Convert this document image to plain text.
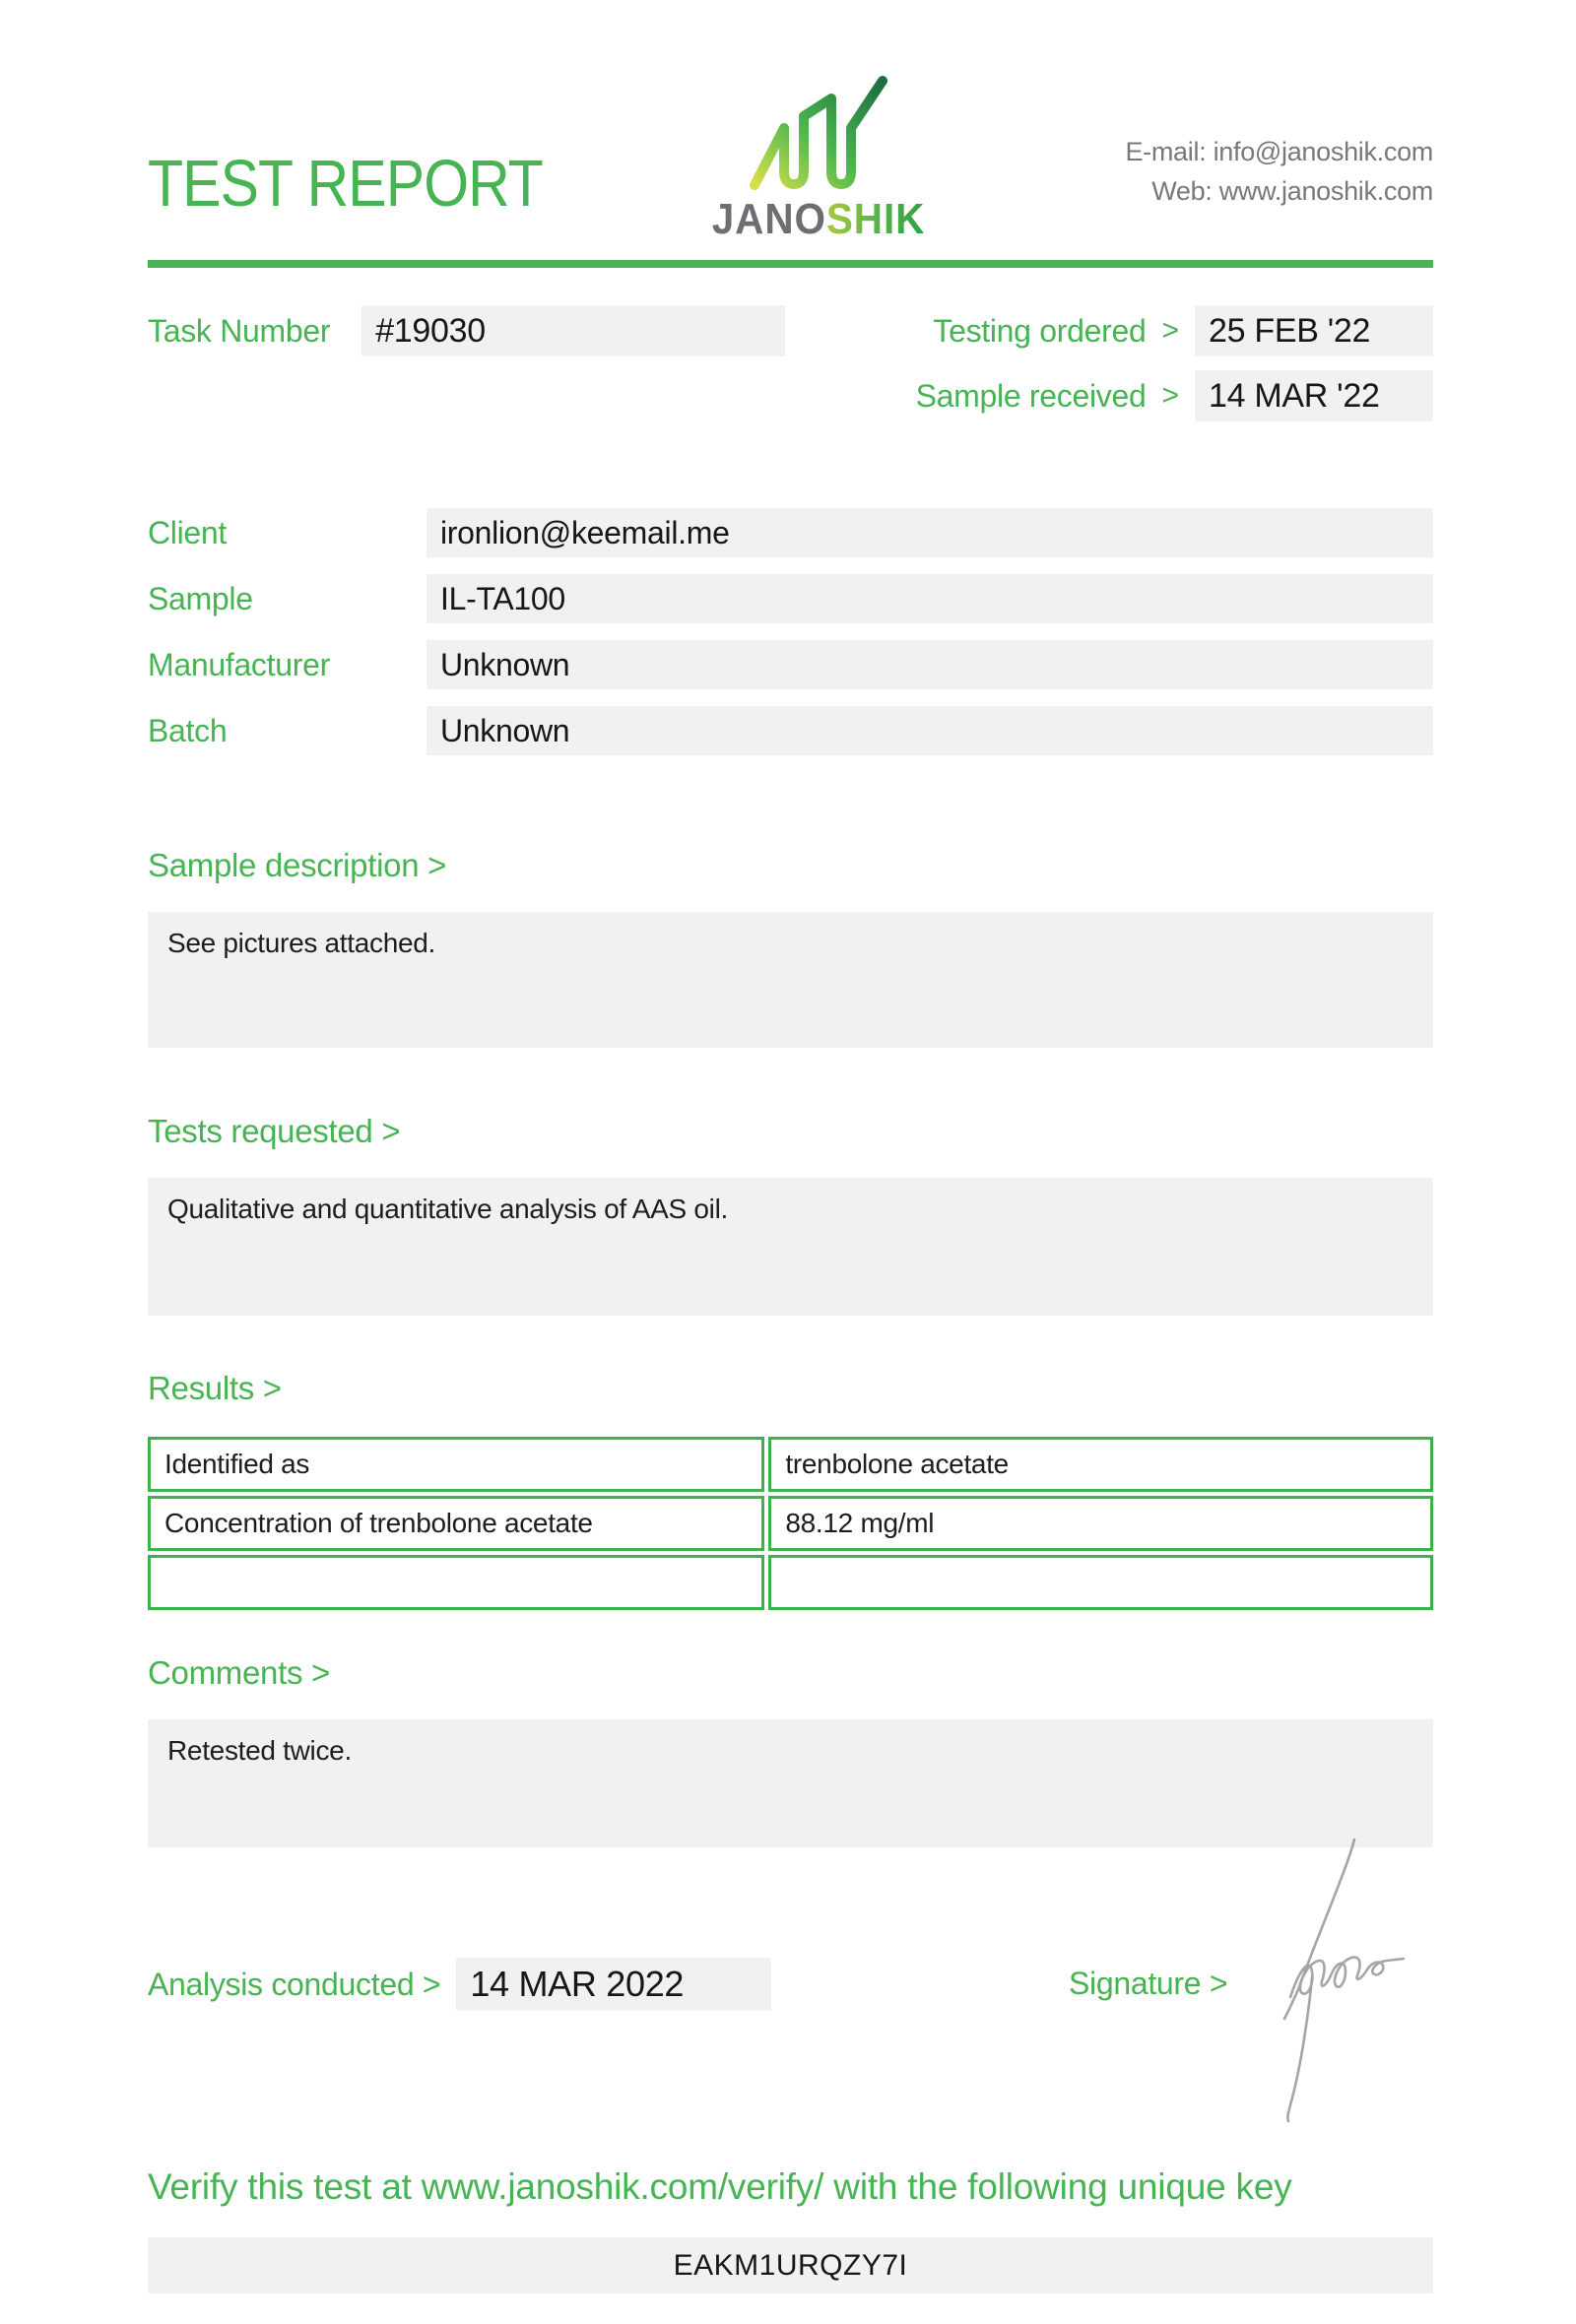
TEST REPORT	JANOSHIK
E-mail: info@janoshik.com
Web: www.janoshik.com
Task Number	#19030	Testing ordered > 25 FEB '22
Sample received > 14 MAR '22
Client	ironlion@keemail.me
Sample	IL-TA100
Manufacturer	Unknown
Batch	Unknown
Sample description >
See pictures attached.
Tests requested >
Qualitative and quantitative analysis of AAS oil.
Results >
Identified as	trenbolone acetate
Concentration of trenbolone acetate	88.12 mg/ml
Comments >
Retested twice.
Analysis conducted > 14 MAR 2022	Signature >
Verify this test at www.janoshik.com/verify/ with the following unique key
EAKM1URQZY7I
